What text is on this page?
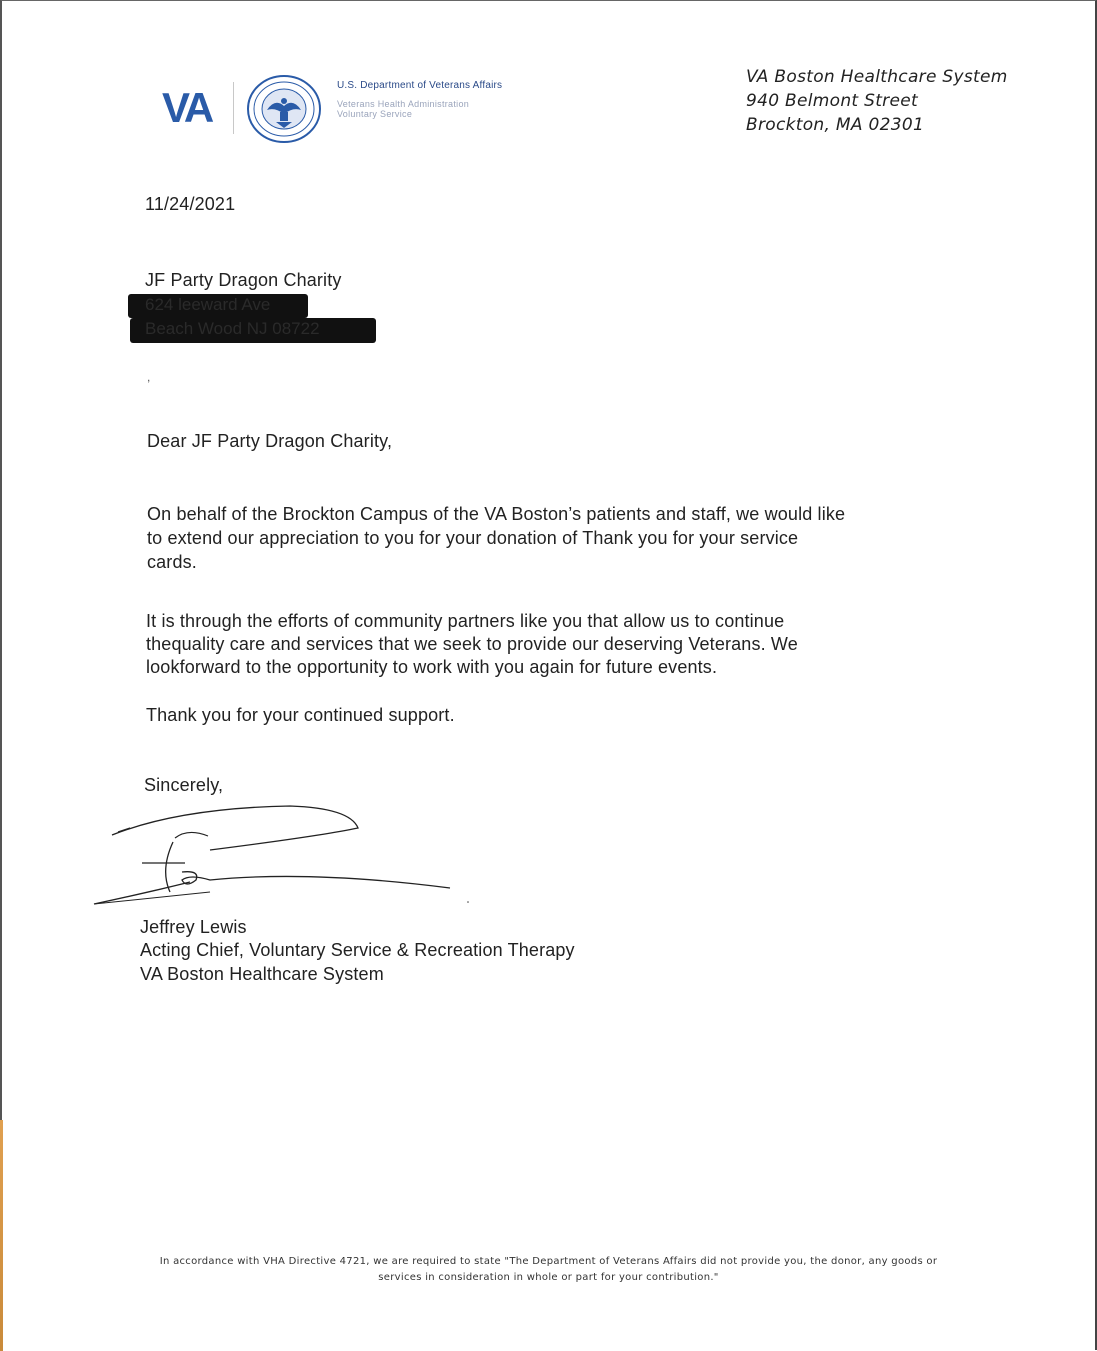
VA	U.S. Department of Veterans Affairs
Veterans Health Administration
Voluntary Service
VA Boston Healthcare System
940 Belmont Street
Brockton, MA 02301
11/24/2021
JF Party Dragon Charity
624 leeward Ave
Beach Wood NJ 08722
,
Dear JF Party Dragon Charity,
On behalf of the Brockton Campus of the VA Boston’s patients and staff, we would like
to extend our appreciation to you for your donation of Thank you for your service
cards.
It is through the efforts of community partners like you that allow us to continue
thequality care and services that we seek to provide our deserving Veterans. We
lookforward to the opportunity to work with you again for future events.
Thank you for your continued support.
Sincerely,
Jeffrey Lewis
Acting Chief, Voluntary Service & Recreation Therapy
VA Boston Healthcare System
In accordance with VHA Directive 4721, we are required to state "The Department of Veterans Affairs did not provide you, the donor, any goods or
services in consideration in whole or part for your contribution."
